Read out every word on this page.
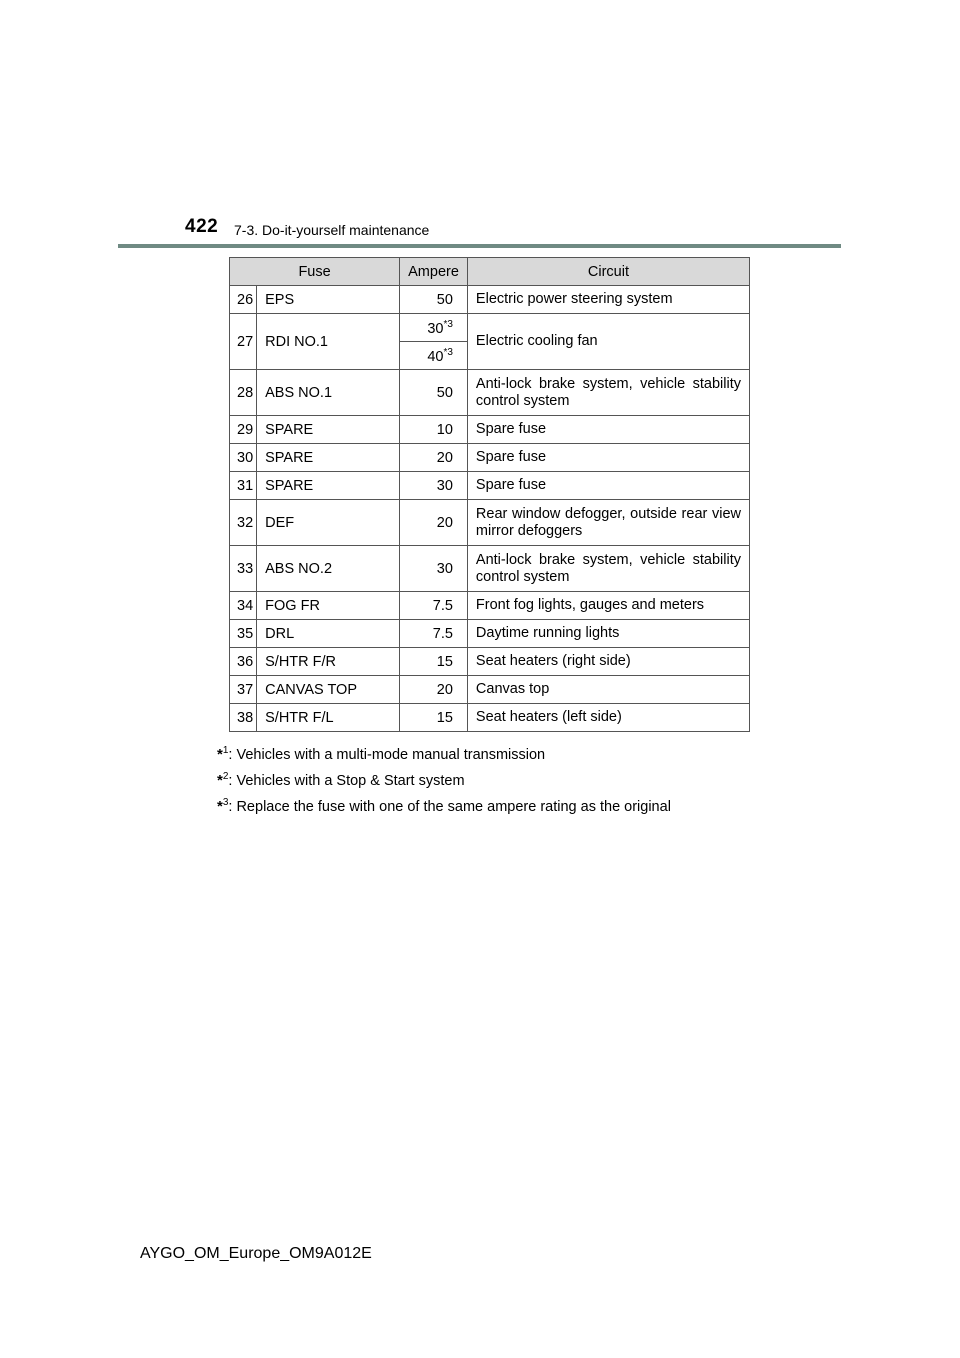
422 7-3. Do-it-yourself maintenance
Fuse		Ampere	Circuit
26	EPS	50	Electric power steering system
27	RDI NO.1	30$^{*3}$	Electric cooling fan
		40$^{*3}$
28	ABS NO.1	50	Anti-lock brake system, vehicle stability control system
29	SPARE	10	Spare fuse
30	SPARE	20	Spare fuse
31	SPARE	30	Spare fuse
32	DEF	20	Rear window defogger, outside rear view mirror defoggers
33	ABS NO.2	30	Anti-lock brake system, vehicle stability control system
34	FOG FR	7.5	Front fog lights, gauges and meters
35	DRL	7.5	Daytime running lights
36	S/HTR F/R	15	Seat heaters (right side)
37	CANVAS TOP	20	Canvas top
38	S/HTR F/L	15	Seat heaters (left side)
*$^1$: Vehicles with a multi-mode manual transmission
*$^2$: Vehicles with a Stop & Start system
*$^3$: Replace the fuse with one of the same ampere rating as the original
AYGO_OM_Europe_OM9A012E
